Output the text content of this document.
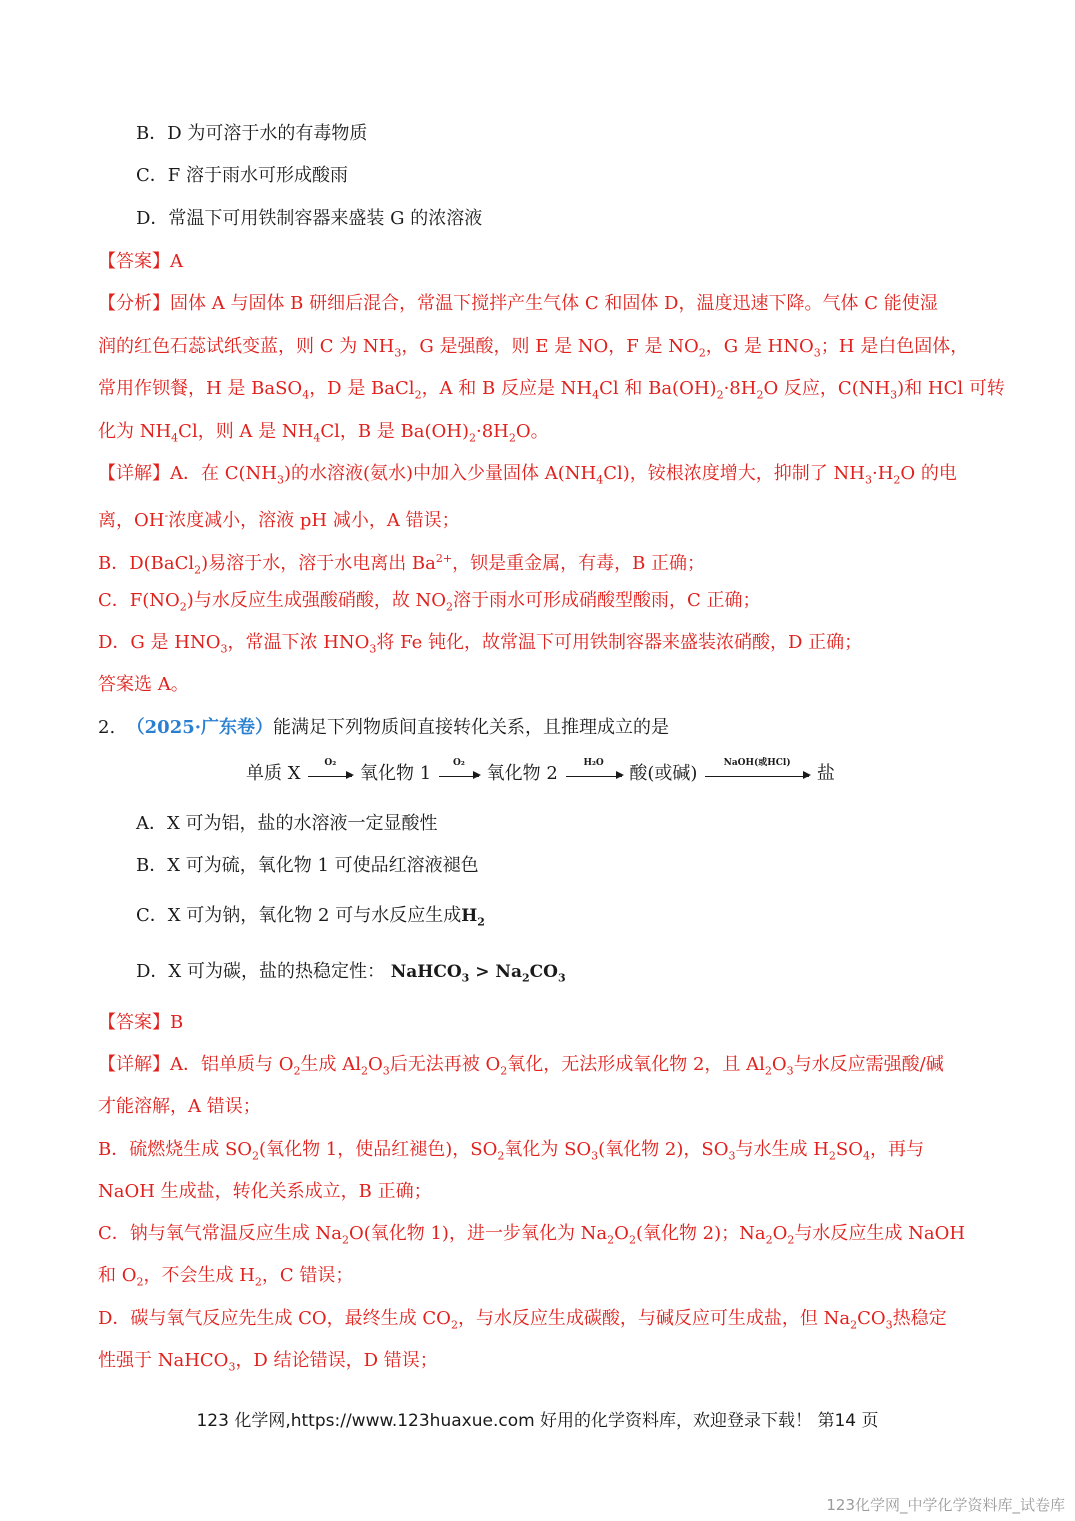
B．D 为可溶于水的有毒物质
C．F 溶于雨水可形成酸雨
D．常温下可用铁制容器来盛装 G 的浓溶液
【答案】A
【分析】固体 A 与固体 B 研细后混合，常温下搅拌产生气体 C 和固体 D，温度迅速下降。气体 C 能使湿
润的红色石蕊试纸变蓝，则 C 为 $NH_3$，G 是强酸，则 E 是 NO，F 是 $NO_2$，G 是 $HNO_3$；H 是白色固体，
常用作钡餐，H 是 BaSO$_4$，D 是 BaCl$_2$，A 和 B 反应是 $NH_4Cl$ 和 $Ba(OH)_2\cdot 8H_2O$ 反应，$C(NH_3)$和 HCl 可转
化为 $NH_4Cl$，则 A 是 $NH_4Cl$，B 是 $Ba(OH)_2\cdot 8H_2O$。
【详解】A．在 $C(NH_3)$的水溶液(氨水)中加入少量固体 $A(NH_4Cl)$，铵根浓度增大，抑制了 $NH_3\cdot H_2O$ 的电
离，OH-浓度减小，溶液 pH 减小，A 错误；
B．D(BaCl$_2$)易溶于水，溶于水电离出 $Ba^{2+}$，钡是重金属，有毒，B 正确；
C．$F(NO_2)$与水反应生成强酸硝酸，故 $NO_2$溶于雨水可形成硝酸型酸雨，C 正确；
D．G 是 $HNO_3$，常温下浓 $HNO_3$将 Fe 钝化，故常温下可用铁制容器来盛装浓硝酸，D 正确；
答案选 A。
2. （2025·广东卷）能满足下列物质间直接转化关系，且推理成立的是
单质 X
O₂
氧化物 1
O₂
氧化物 2
H₂O
酸(或碱)
NaOH(或HCl)
盐
A．X 可为铝，盐的水溶液一定显酸性
B．X 可为硫，氧化物 1 可使品红溶液褪色
C．X 可为钠，氧化物 2 可与水反应生成$H_2$
D．X 可为碳，盐的热稳定性： NaHCO$_3$ > $Na_2CO_3$
【答案】B
【详解】A．铝单质与 $O_2$生成 $Al_2O_3$后无法再被 $O_2$氧化，无法形成氧化物 2，且 $Al_2O_3$与水反应需强酸/碱
才能溶解，A 错误；
B．硫燃烧生成 $SO_2$(氧化物 1，使品红褪色)，$SO_2$氧化为 $SO_3$(氧化物 2)，$SO_3$与水生成 $H_2SO_4$，再与
NaOH 生成盐，转化关系成立，B 正确；
C．钠与氧气常温反应生成 $Na_2O$(氧化物 1)，进一步氧化为 $Na_2O_2$(氧化物 2)；$Na_2O_2$与水反应生成 NaOH
和 $O_2$，不会生成 $H_2$，C 错误；
D．碳与氧气反应先生成 CO，最终生成 $CO_2$，与水反应生成碳酸，与碱反应可生成盐，但 $Na_2CO_3$热稳定
性强于 NaHCO$_3$，D 结论错误，D 错误；
123 化学网,https://www.123huaxue.com 好用的化学资料库，欢迎登录下载！ 第14 页
123化学网_中学化学资料库_试卷库
